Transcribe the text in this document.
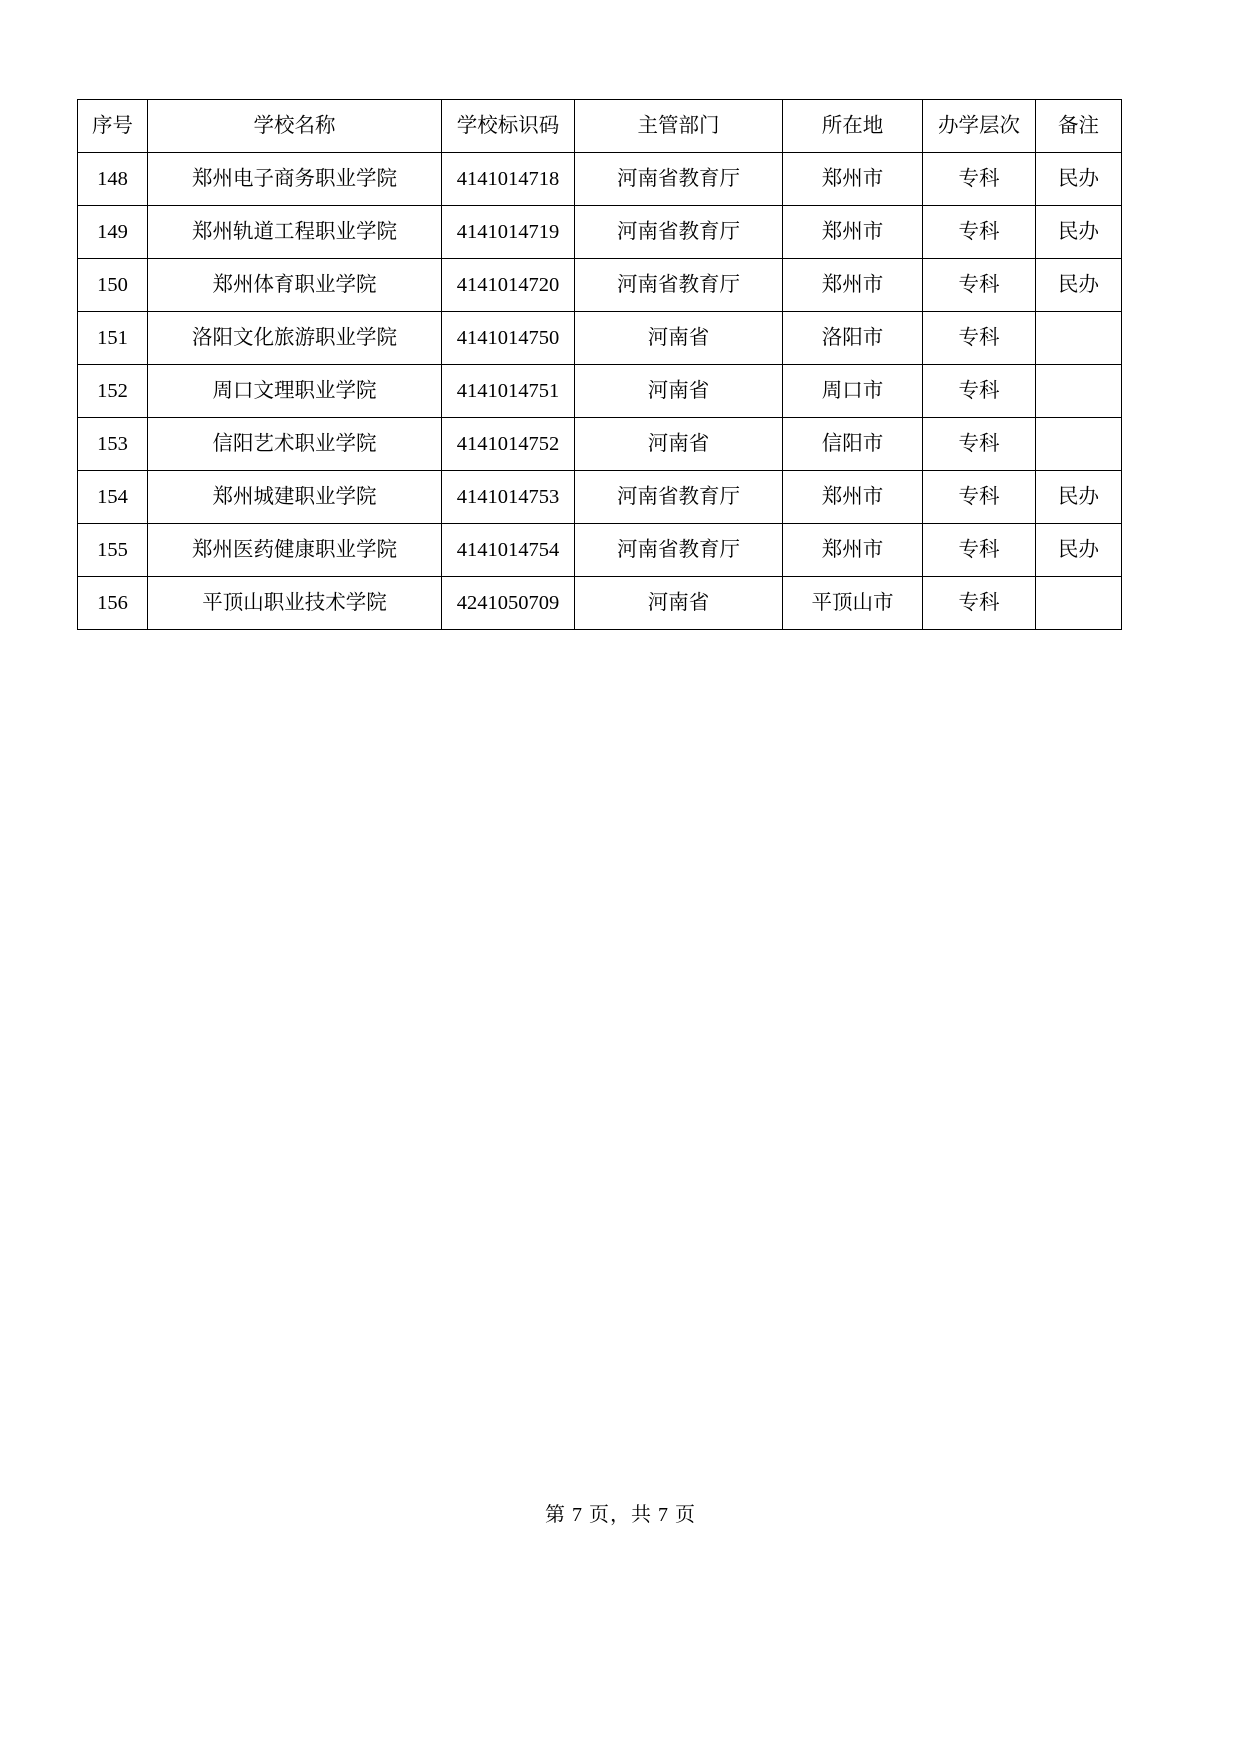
序号	学校名称	学校标识码	主管部门	所在地	办学层次	备注
148	郑州电子商务职业学院	4141014718	河南省教育厅	郑州市	专科	民办
149	郑州轨道工程职业学院	4141014719	河南省教育厅	郑州市	专科	民办
150	郑州体育职业学院	4141014720	河南省教育厅	郑州市	专科	民办
151	洛阳文化旅游职业学院	4141014750	河南省	洛阳市	专科	
152	周口文理职业学院	4141014751	河南省	周口市	专科	
153	信阳艺术职业学院	4141014752	河南省	信阳市	专科	
154	郑州城建职业学院	4141014753	河南省教育厅	郑州市	专科	民办
155	郑州医药健康职业学院	4141014754	河南省教育厅	郑州市	专科	民办
156	平顶山职业技术学院	4241050709	河南省	平顶山市	专科	
第 7 页，共 7 页
